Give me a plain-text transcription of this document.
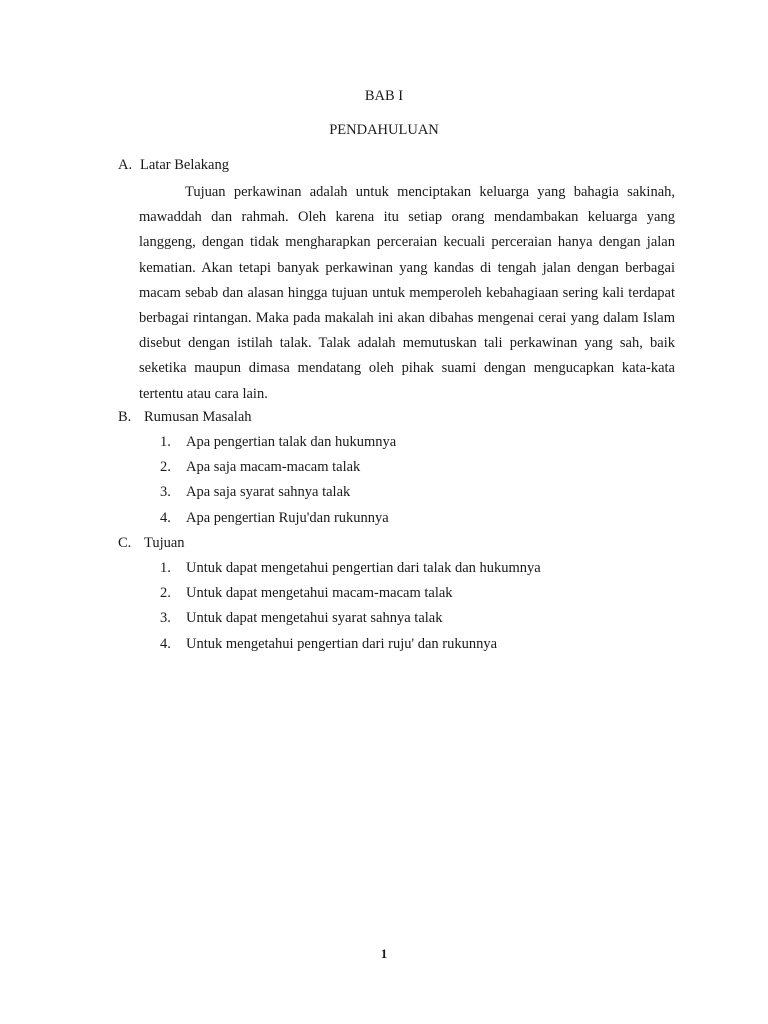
BAB I
PENDAHULUAN
A. Latar Belakang

Tujuan perkawinan adalah untuk menciptakan keluarga yang bahagia sakinah, mawaddah dan rahmah. Oleh karena itu setiap orang mendambakan keluarga yang langgeng, dengan tidak mengharapkan perceraian kecuali perceraian hanya dengan jalan kematian. Akan tetapi banyak perkawinan yang kandas di tengah jalan dengan berbagai macam sebab dan alasan hingga tujuan untuk memperoleh kebahagiaan sering kali terdapat berbagai rintangan. Maka pada makalah ini akan dibahas mengenai cerai yang dalam Islam disebut dengan istilah talak. Talak adalah memutuskan tali perkawinan yang sah, baik seketika maupun dimasa mendatang oleh pihak suami dengan mengucapkan kata-kata tertentu atau cara lain.

B. Rumusan Masalah
1. Apa pengertian talak dan hukumnya
2. Apa saja macam-macam talak
3. Apa saja syarat sahnya talak
4. Apa pengertian Ruju'dan rukunnya
C. Tujuan
1. Untuk dapat mengetahui pengertian dari talak dan hukumnya
2. Untuk dapat mengetahui macam-macam talak
3. Untuk dapat mengetahui syarat sahnya talak
4. Untuk mengetahui pengertian dari ruju' dan rukunnya
1
